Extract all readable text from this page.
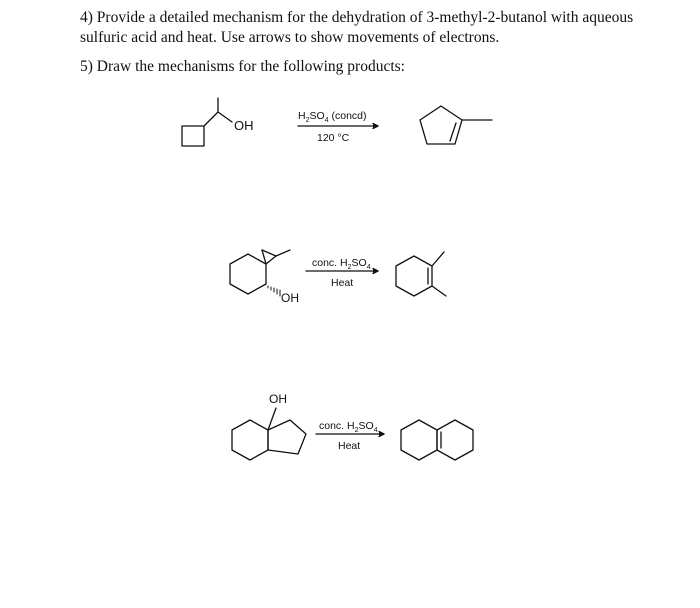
4) Provide a detailed mechanism for the dehydration of 3-methyl-2-butanol with aqueous sulfuric acid and heat. Use arrows to show movements of electrons.
5) Draw the mechanisms for the following products:
OH
$H_2SO_4$ (concd)
120 °C
OH
conc. $H_2SO_4$
Heat
OH
conc. $H_2SO_4$
Heat
